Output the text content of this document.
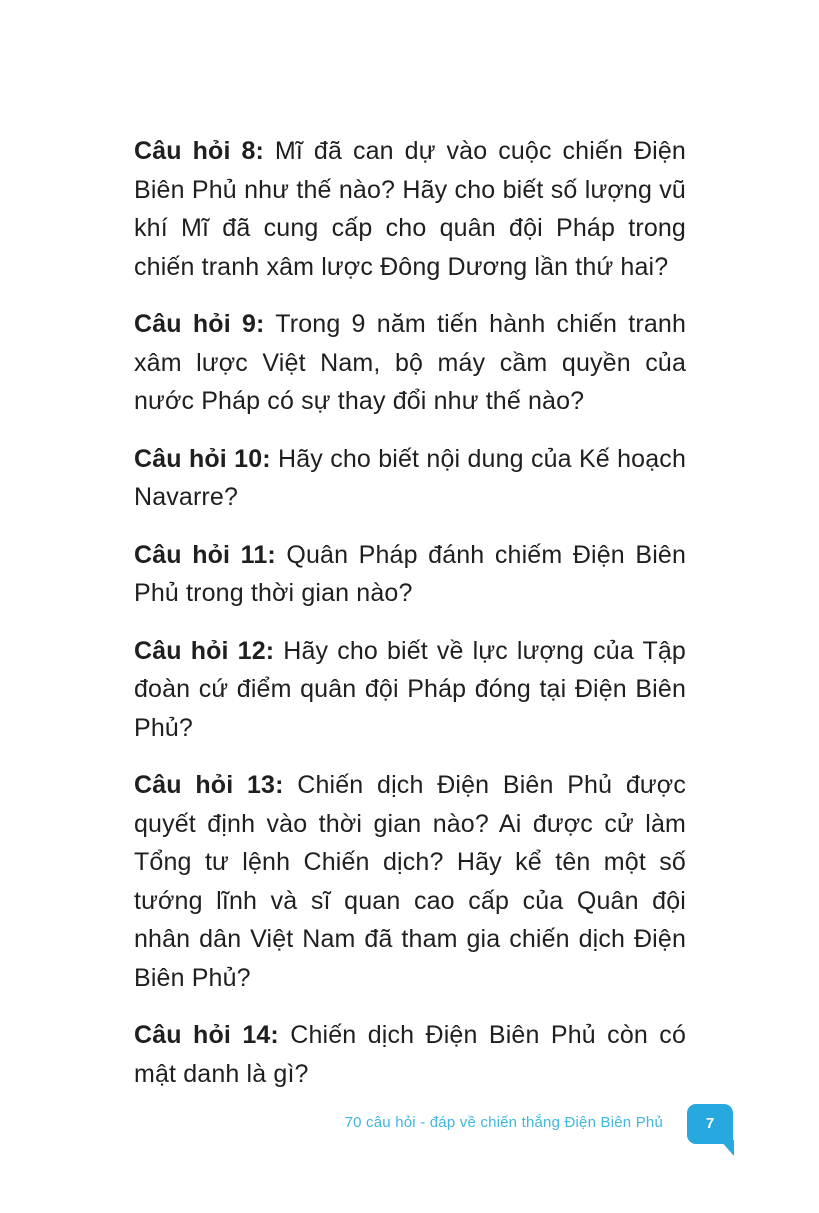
Câu hỏi 8: Mĩ đã can dự vào cuộc chiến Điện Biên Phủ như thế nào? Hãy cho biết số lượng vũ khí Mĩ đã cung cấp cho quân đội Pháp trong chiến tranh xâm lược Đông Dương lần thứ hai?

Câu hỏi 9: Trong 9 năm tiến hành chiến tranh xâm lược Việt Nam, bộ máy cầm quyền của nước Pháp có sự thay đổi như thế nào?

Câu hỏi 10: Hãy cho biết nội dung của Kế hoạch Navarre?

Câu hỏi 11: Quân Pháp đánh chiếm Điện Biên Phủ trong thời gian nào?

Câu hỏi 12: Hãy cho biết về lực lượng của Tập đoàn cứ điểm quân đội Pháp đóng tại Điện Biên Phủ?

Câu hỏi 13: Chiến dịch Điện Biên Phủ được quyết định vào thời gian nào? Ai được cử làm Tổng tư lệnh Chiến dịch? Hãy kể tên một số tướng lĩnh và sĩ quan cao cấp của Quân đội nhân dân Việt Nam đã tham gia chiến dịch Điện Biên Phủ?

Câu hỏi 14: Chiến dịch Điện Biên Phủ còn có mật danh là gì?

70 câu hỏi - đáp về chiến thắng Điện Biên Phủ	7
